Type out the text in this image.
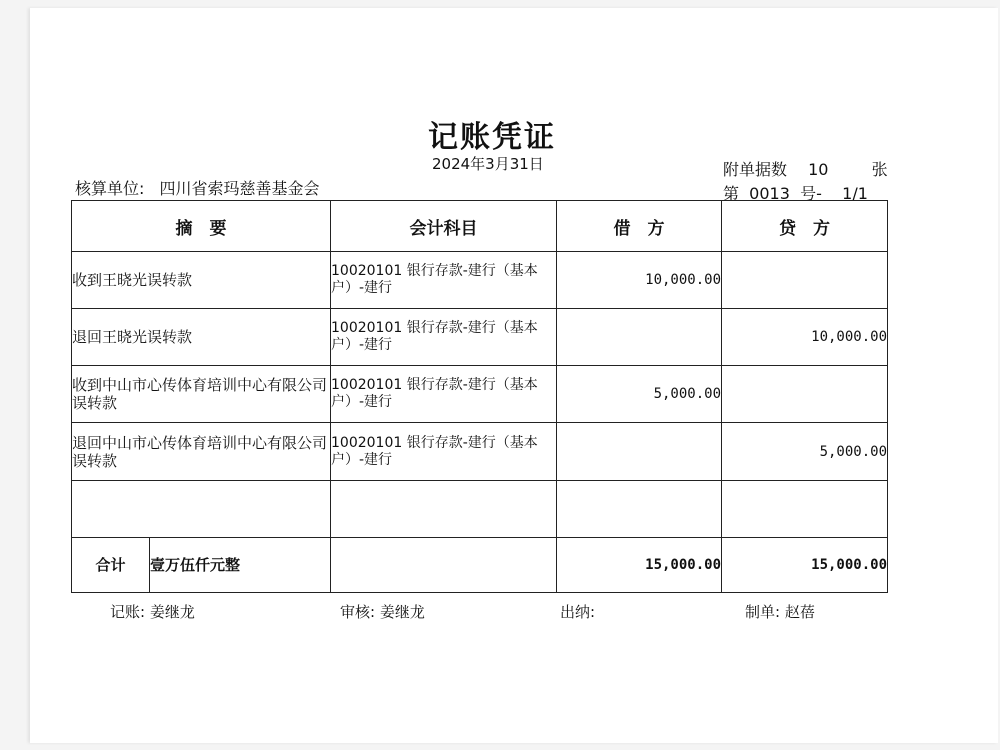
记账凭证
2024年3月31日
核算单位: 四川省索玛慈善基金会
附单据数 10	张
第  0013  号-    1/1
摘　要	会计科目	借　方	贷　方
收到王晓光误转款	10020101 银行存款-建行（基本户）-建行	10,000.00	
退回王晓光误转款	10020101 银行存款-建行（基本户）-建行		10,000.00
收到中山市心传体育培训中心有限公司误转款	10020101 银行存款-建行（基本户）-建行	5,000.00	
退回中山市心传体育培训中心有限公司误转款	10020101 银行存款-建行（基本户）-建行		5,000.00

合计 壹万伍仟元整		15,000.00	15,000.00
记账: 姜继龙	审核: 姜继龙	出纳:	制单: 赵蓓
